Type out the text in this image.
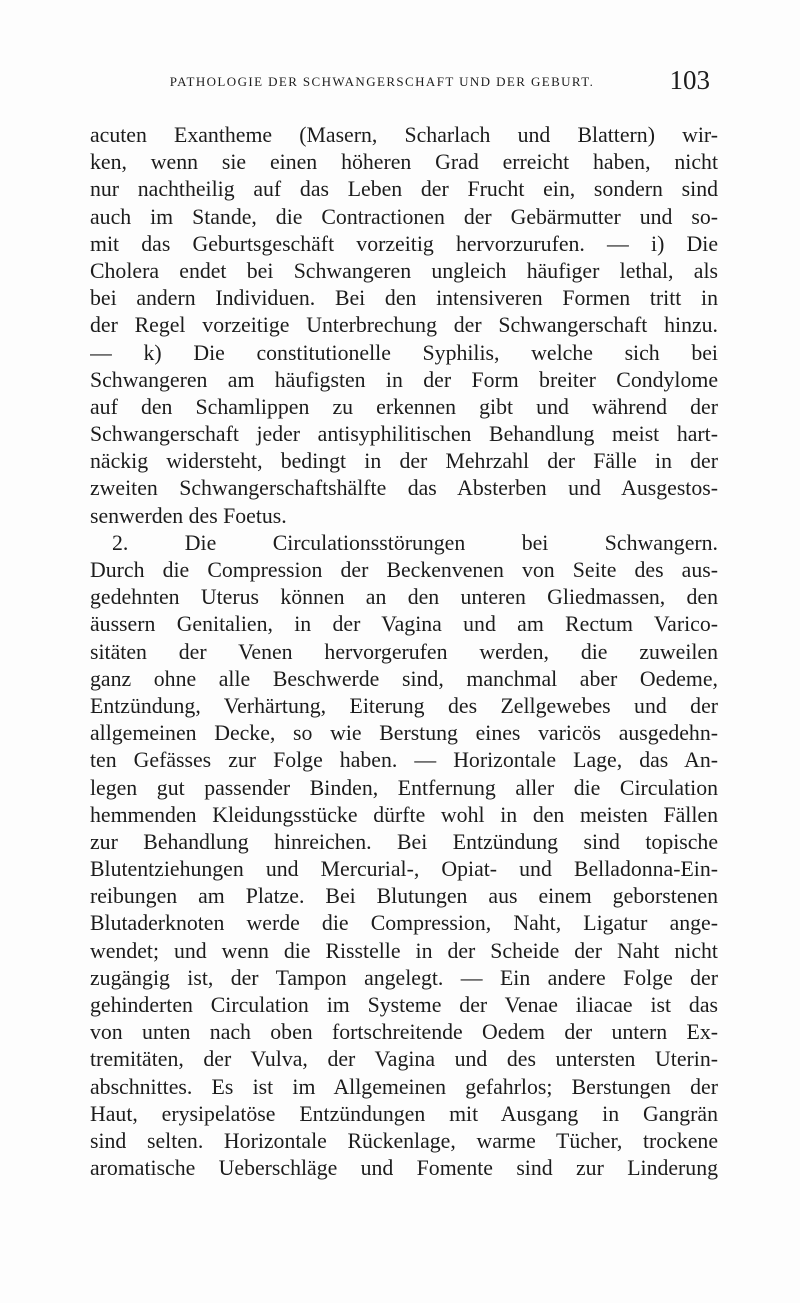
PATHOLOGIE DER SCHWANGERSCHAFT UND DER GEBURT.	103
acuten Exantheme (Masern, Scharlach und Blattern) wir-
ken, wenn sie einen höheren Grad erreicht haben, nicht
nur nachtheilig auf das Leben der Frucht ein, sondern sind
auch im Stande, die Contractionen der Gebärmutter und so-
mit das Geburtsgeschäft vorzeitig hervorzurufen. — i) Die
Cholera endet bei Schwangeren ungleich häufiger lethal, als
bei andern Individuen. Bei den intensiveren Formen tritt in
der Regel vorzeitige Unterbrechung der Schwangerschaft hinzu.
— k) Die constitutionelle Syphilis, welche sich bei
Schwangeren am häufigsten in der Form breiter Condylome
auf den Schamlippen zu erkennen gibt und während der
Schwangerschaft jeder antisyphilitischen Behandlung meist hart-
näckig widersteht, bedingt in der Mehrzahl der Fälle in der
zweiten Schwangerschaftshälfte das Absterben und Ausgestos-
senwerden des Foetus.
2. Die Circulationsstörungen bei Schwangern.
Durch die Compression der Beckenvenen von Seite des aus-
gedehnten Uterus können an den unteren Gliedmassen, den
äussern Genitalien, in der Vagina und am Rectum Varico-
sitäten der Venen hervorgerufen werden, die zuweilen
ganz ohne alle Beschwerde sind, manchmal aber Oedeme,
Entzündung, Verhärtung, Eiterung des Zellgewebes und der
allgemeinen Decke, so wie Berstung eines varicös ausgedehn-
ten Gefässes zur Folge haben. — Horizontale Lage, das An-
legen gut passender Binden, Entfernung aller die Circulation
hemmenden Kleidungsstücke dürfte wohl in den meisten Fällen
zur Behandlung hinreichen. Bei Entzündung sind topische
Blutentziehungen und Mercurial-, Opiat- und Belladonna-Ein-
reibungen am Platze. Bei Blutungen aus einem geborstenen
Blutaderknoten werde die Compression, Naht, Ligatur ange-
wendet; und wenn die Risstelle in der Scheide der Naht nicht
zugängig ist, der Tampon angelegt. — Ein andere Folge der
gehinderten Circulation im Systeme der Venae iliacae ist das
von unten nach oben fortschreitende Oedem der untern Ex-
tremitäten, der Vulva, der Vagina und des untersten Uterin-
abschnittes. Es ist im Allgemeinen gefahrlos; Berstungen der
Haut, erysipelatöse Entzündungen mit Ausgang in Gangrän
sind selten. Horizontale Rückenlage, warme Tücher, trockene
aromatische Ueberschläge und Fomente sind zur Linderung
